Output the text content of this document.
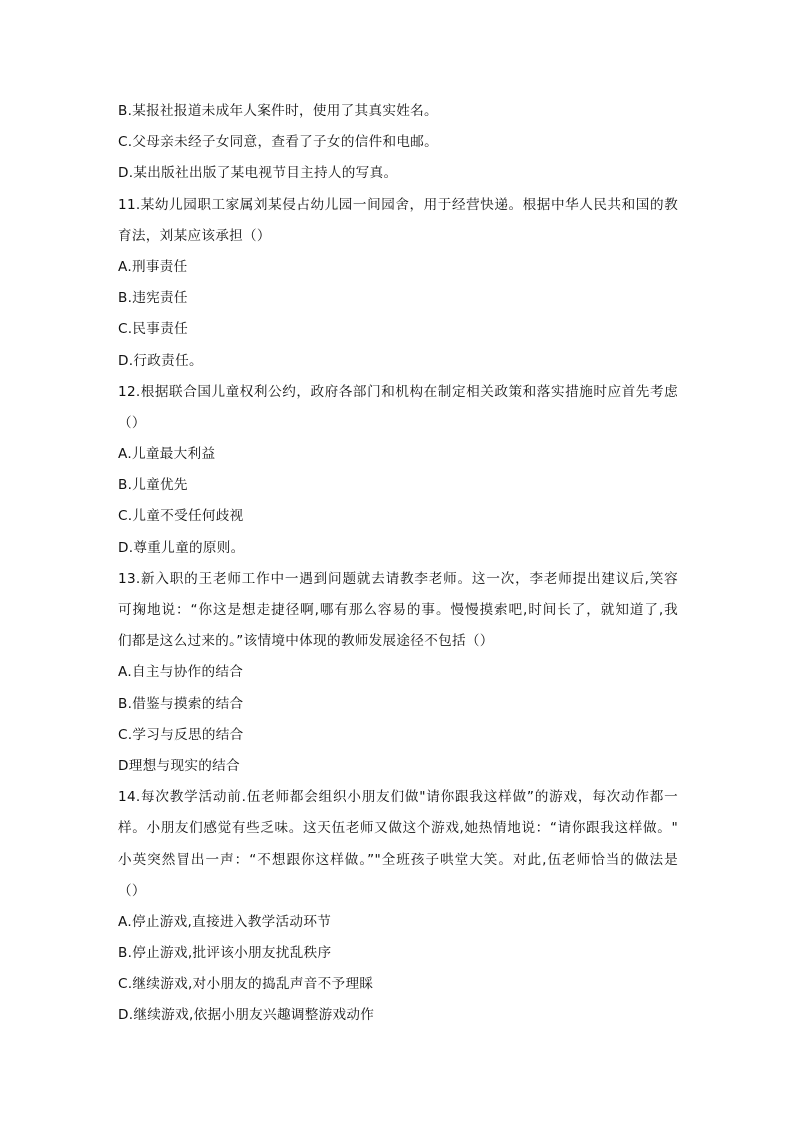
B.某报社报道未成年人案件时，使用了其真实姓名。
C.父母亲未经子女同意，查看了子女的信件和电邮。
D.某出版社出版了某电视节目主持人的写真。
11.某幼儿园职工家属刘某侵占幼儿园一间园舍，用于经营快递。根据中华人民共和国的教
育法，刘某应该承担（）
A.刑事责任
B.违宪责任
C.民事责任
D.行政责任。
12.根据联合国儿童权利公约，政府各部门和机构在制定相关政策和落实措施时应首先考虑
（）
A.儿童最大利益
B.儿童优先
C.儿童不受任何歧视
D.尊重儿童的原则。
13.新入职的王老师工作中一遇到问题就去请教李老师。这一次，李老师提出建议后,笑容
可掬地说：“你这是想走捷径啊,哪有那么容易的事。慢慢摸索吧,时间长了，就知道了,我
们都是这么过来的。”该情境中体现的教师发展途径不包括（）
A.自主与协作的结合
B.借鉴与摸索的结合
C.学习与反思的结合
D理想与现实的结合
14.每次教学活动前.伍老师都会组织小朋友们做"请你跟我这样做”的游戏，每次动作都一
样。小朋友们感觉有些乏味。这天伍老师又做这个游戏,她热情地说：“请你跟我这样做。"
小英突然冒出一声：“不想跟你这样做。”"全班孩子哄堂大笑。对此,伍老师恰当的做法是
（）
A.停止游戏,直接进入教学活动环节
B.停止游戏,批评该小朋友扰乱秩序
C.继续游戏,对小朋友的捣乱声音不予理睬
D.继续游戏,依据小朋友兴趣调整游戏动作
